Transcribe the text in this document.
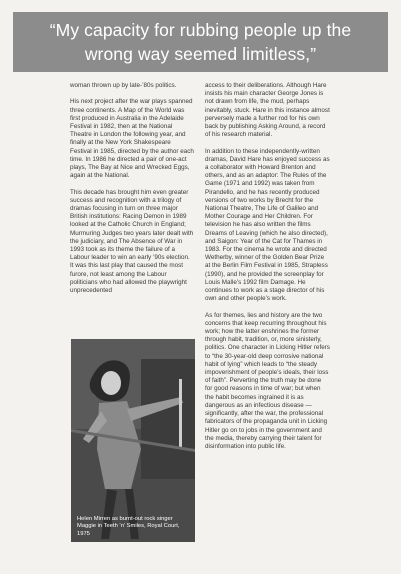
“My capacity for rubbing people up the
wrong way seemed limitless,”

woman thrown up by late-’80s politics.

His next project after the war plays spanned three continents. A Map of the World was first produced in Australia in the Adelaide Festival in 1982, then at the National Theatre in London the following year, and finally at the New York Shakespeare Festival in 1985, directed by the author each time. In 1986 he directed a pair of one-act plays, The Bay at Nice and Wrecked Eggs, again at the National.

This decade has brought him even greater success and recognition with a trilogy of dramas focusing in turn on three major British institutions: Racing Demon in 1989 looked at the Catholic Church in England; Murmuring Judges two years later dealt with the judiciary, and The Absence of War in 1993 took as its theme the failure of a Labour leader to win an early ’90s election. It was this last play that caused the most furore, not least among the Labour politicians who had allowed the playwright unprecedented

access to their deliberations. Although Hare insists his main character George Jones is not drawn from life, the mud, perhaps inevitably, stuck. Hare in this instance almost perversely made a further rod for his own back by publishing Asking Around, a record of his research material.

In addition to these independently-written dramas, David Hare has enjoyed success as a collaborator with Howard Brenton and others, and as an adaptor: The Rules of the Game (1971 and 1992) was taken from Pirandello, and he has recently produced versions of two works by Brecht for the National Theatre, The Life of Galileo and Mother Courage and Her Children. For television he has also written the films Dreams of Leaving (which he also directed), and Saigon: Year of the Cat for Thames in 1983. For the cinema he wrote and directed Wetherby, winner of the Golden Bear Prize at the Berlin Film Festival in 1985, Strapless (1990), and he provided the screenplay for Louis Malle’s 1992 film Damage. He continues to work as a stage director of his own and other people’s work.

As for themes, lies and history are the two concerns that keep recurring throughout his work; how the latter enshrines the former through habit, tradition, or, more sinisterly, politics. One character in Licking Hitler refers to “the 30-year-old deep corrosive national habit of lying” which leads to “the steady impoverishment of people’s ideals, their loss of faith”. Perverting the truth may be done for good reasons in time of war; but when the habit becomes ingrained it is as dangerous as an infectious disease — significantly, after the war, the professional fabricators of the propaganda unit in Licking Hitler go on to jobs in the government and the media, thereby carrying their talent for disinformation into public life.

Helen Mirren as burnt-out rock singer Maggie in Teeth ’n’ Smiles, Royal Court, 1975
